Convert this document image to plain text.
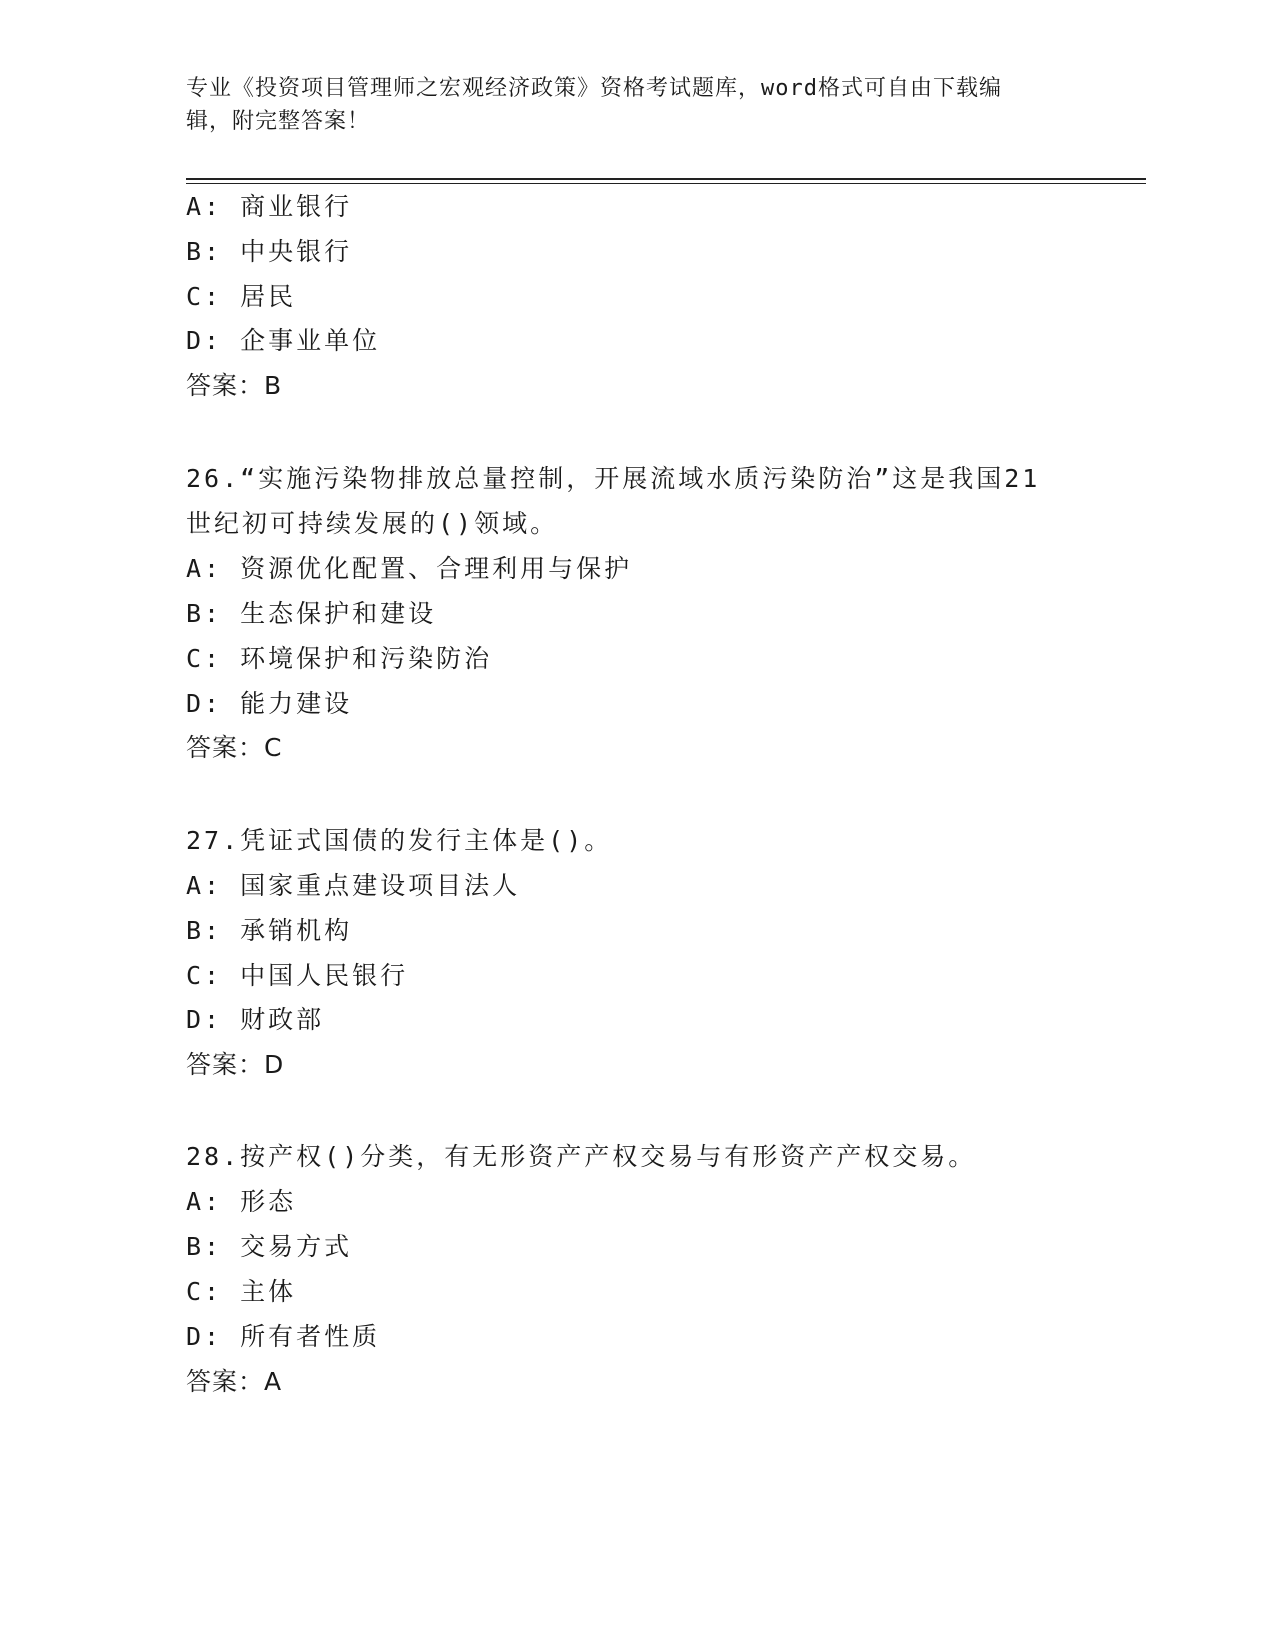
专业《投资项目管理师之宏观经济政策》资格考试题库，word格式可自由下载编
辑，附完整答案！
A: 商业银行
B: 中央银行
C: 居民
D: 企事业单位
答案：B
26.“实施污染物排放总量控制，开展流域水质污染防治”这是我国21
世纪初可持续发展的()领域。
A: 资源优化配置、合理利用与保护
B: 生态保护和建设
C: 环境保护和污染防治
D: 能力建设
答案：C
27.凭证式国债的发行主体是()。
A: 国家重点建设项目法人
B: 承销机构
C: 中国人民银行
D: 财政部
答案：D
28.按产权()分类，有无形资产产权交易与有形资产产权交易。
A: 形态
B: 交易方式
C: 主体
D: 所有者性质
答案：A
